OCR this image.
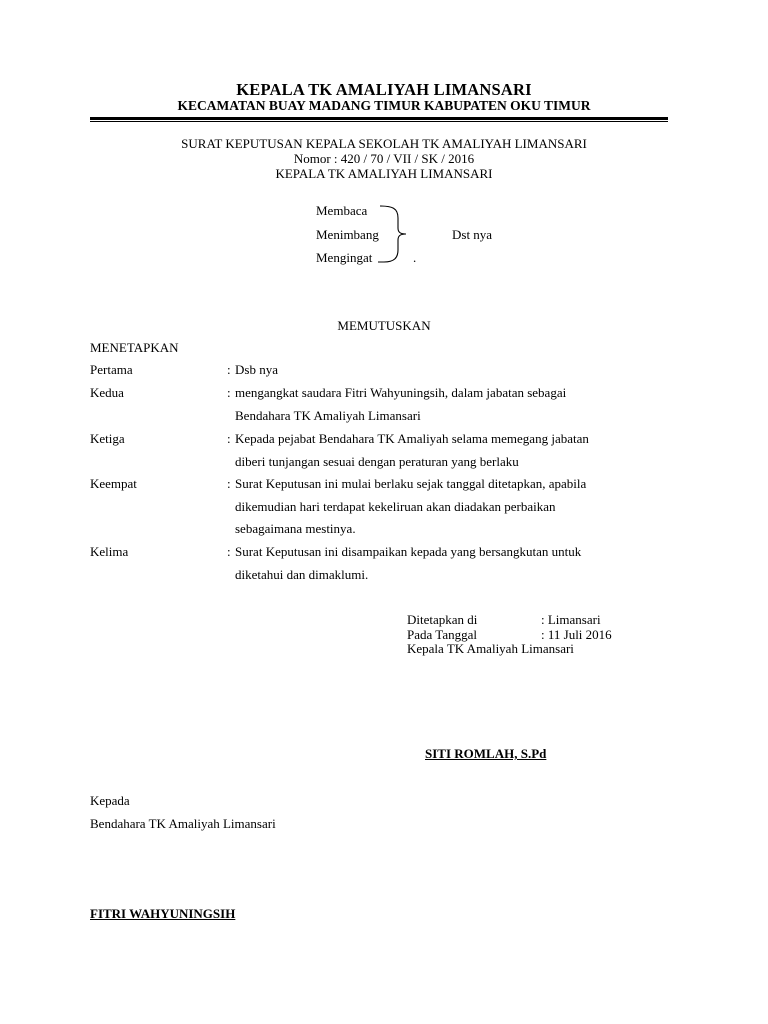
KEPALA TK AMALIYAH LIMANSARI
KECAMATAN BUAY MADANG TIMUR KABUPATEN OKU TIMUR
SURAT KEPUTUSAN KEPALA SEKOLAH TK AMALIYAH LIMANSARI
Nomor : 420 / 70 / VII / SK / 2016
KEPALA TK AMALIYAH LIMANSARI
Membaca
Menimbang
Mengingat
Dst nya
.
MEMUTUSKAN
MENETAPKAN
Pertama	: Dsb nya
Kedua	: mengangkat saudara Fitri Wahyuningsih, dalam jabatan sebagai
Bendahara TK Amaliyah Limansari
Ketiga	: Kepada pejabat Bendahara TK Amaliyah selama memegang jabatan
diberi tunjangan sesuai dengan peraturan yang berlaku
Keempat	: Surat Keputusan ini mulai berlaku sejak tanggal ditetapkan, apabila
dikemudian hari terdapat kekeliruan akan diadakan perbaikan
sebagaimana mestinya.
Kelima	: Surat Keputusan ini disampaikan kepada yang bersangkutan untuk
diketahui dan dimaklumi.
Ditetapkan di	: Limansari
Pada Tanggal	: 11 Juli 2016
Kepala TK Amaliyah Limansari
SITI ROMLAH, S.Pd
Kepada
Bendahara TK Amaliyah Limansari
FITRI WAHYUNINGSIH
